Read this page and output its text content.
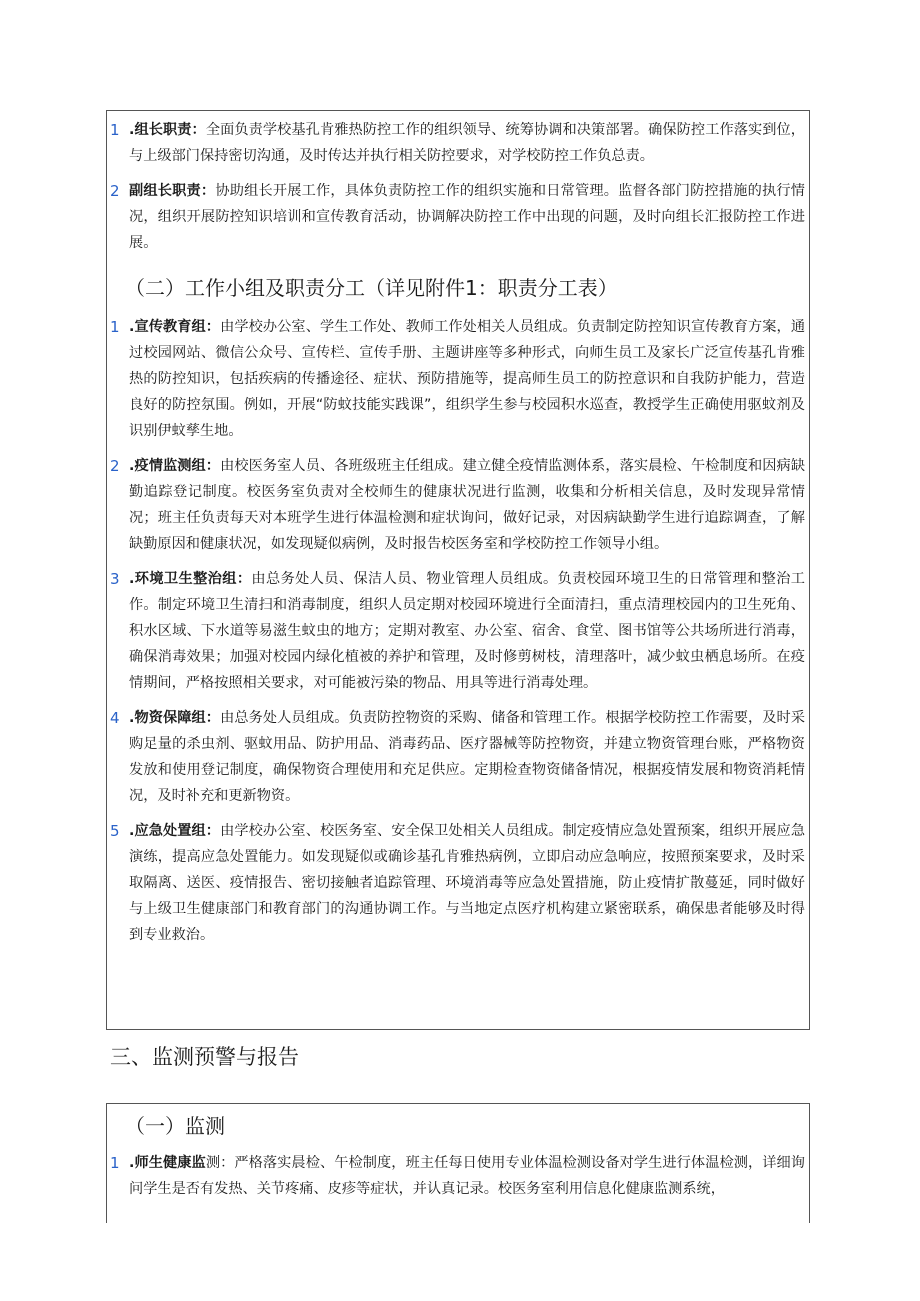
1 .组长职责：全面负责学校基孔肯雅热防控工作的组织领导、统筹协调和决策部署。确保防控工作落实到位，与上级部门保持密切沟通，及时传达并执行相关防控要求，对学校防控工作负总责。

2 副组长职责：协助组长开展工作，具体负责防控工作的组织实施和日常管理。监督各部门防控措施的执行情况，组织开展防控知识培训和宣传教育活动，协调解决防控工作中出现的问题，及时向组长汇报防控工作进展。

（二）工作小组及职责分工（详见附件1：职责分工表）
1 .宣传教育组：由学校办公室、学生工作处、教师工作处相关人员组成。负责制定防控知识宣传教育方案，通过校园网站、微信公众号、宣传栏、宣传手册、主题讲座等多种形式，向师生员工及家长广泛宣传基孔肯雅热的防控知识，包括疾病的传播途径、症状、预防措施等，提高师生员工的防控意识和自我防护能力，营造良好的防控氛围。例如，开展“防蚊技能实践课”，组织学生参与校园积水巡查，教授学生正确使用驱蚊剂及识别伊蚊孳生地。

2 .疫情监测组：由校医务室人员、各班级班主任组成。建立健全疫情监测体系，落实晨检、午检制度和因病缺勤追踪登记制度。校医务室负责对全校师生的健康状况进行监测，收集和分析相关信息，及时发现异常情况；班主任负责每天对本班学生进行体温检测和症状询问，做好记录，对因病缺勤学生进行追踪调查，了解缺勤原因和健康状况，如发现疑似病例，及时报告校医务室和学校防控工作领导小组。

3 .环境卫生整治组：由总务处人员、保洁人员、物业管理人员组成。负责校园环境卫生的日常管理和整治工作。制定环境卫生清扫和消毒制度，组织人员定期对校园环境进行全面清扫，重点清理校园内的卫生死角、积水区域、下水道等易滋生蚊虫的地方；定期对教室、办公室、宿舍、食堂、图书馆等公共场所进行消毒，确保消毒效果；加强对校园内绿化植被的养护和管理，及时修剪树枝，清理落叶，减少蚊虫栖息场所。在疫情期间，严格按照相关要求，对可能被污染的物品、用具等进行消毒处理。

4 .物资保障组：由总务处人员组成。负责防控物资的采购、储备和管理工作。根据学校防控工作需要，及时采购足量的杀虫剂、驱蚊用品、防护用品、消毒药品、医疗器械等防控物资，并建立物资管理台账，严格物资发放和使用登记制度，确保物资合理使用和充足供应。定期检查物资储备情况，根据疫情发展和物资消耗情况，及时补充和更新物资。

5 .应急处置组：由学校办公室、校医务室、安全保卫处相关人员组成。制定疫情应急处置预案，组织开展应急演练，提高应急处置能力。如发现疑似或确诊基孔肯雅热病例，立即启动应急响应，按照预案要求，及时采取隔离、送医、疫情报告、密切接触者追踪管理、环境消毒等应急处置措施，防止疫情扩散蔓延，同时做好与上级卫生健康部门和教育部门的沟通协调工作。与当地定点医疗机构建立紧密联系，确保患者能够及时得到专业救治。

三、监测预警与报告
（一）监测
1 .师生健康监测：严格落实晨检、午检制度，班主任每日使用专业体温检测设备对学生进行体温检测，详细询问学生是否有发热、关节疼痛、皮疹等症状，并认真记录。校医务室利用信息化健康监测系统，
